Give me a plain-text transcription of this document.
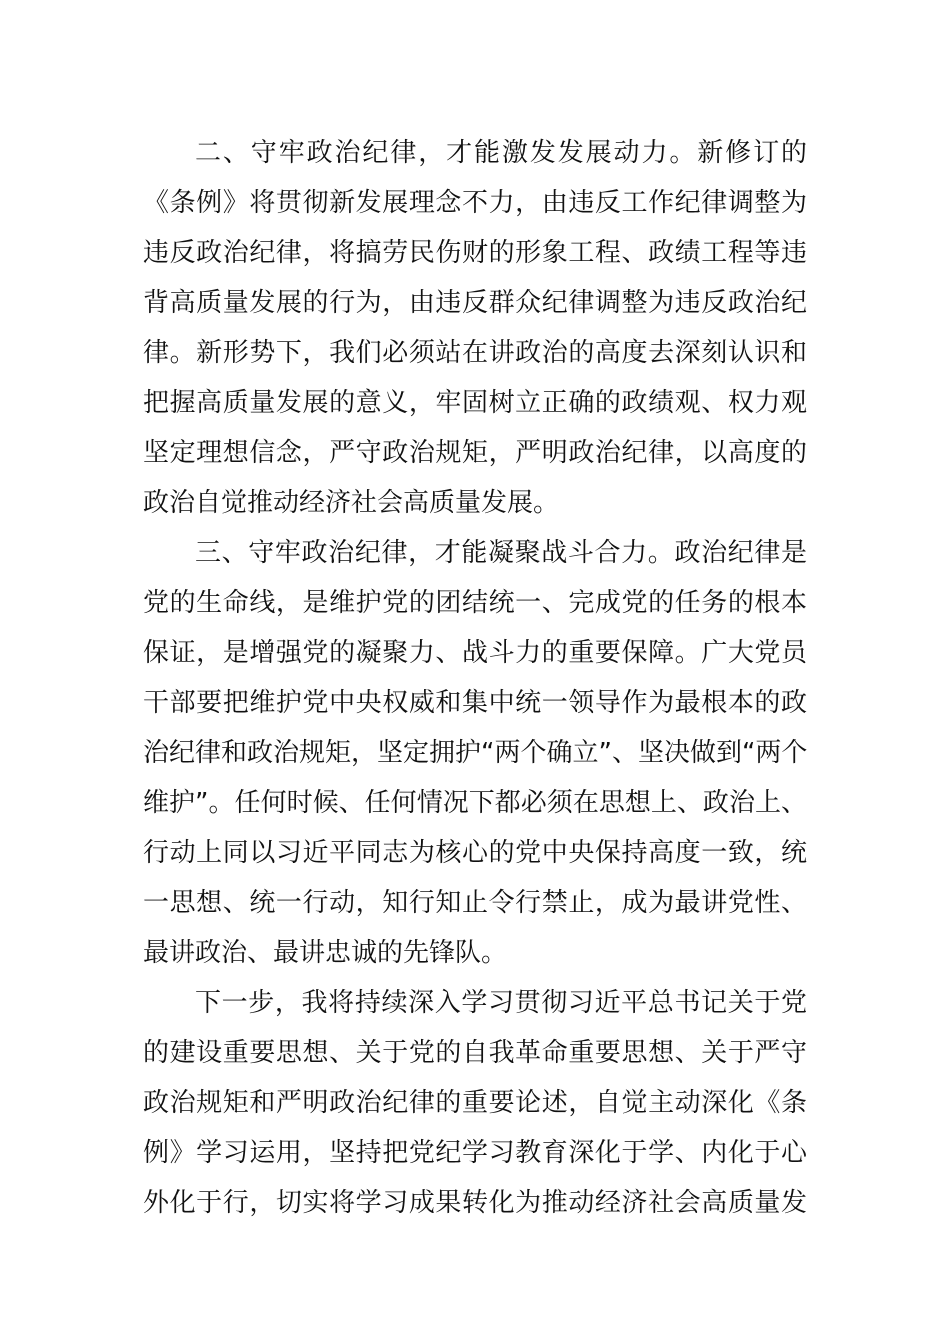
二、守牢政治纪律，才能激发发展动力。新修订的
《条例》将贯彻新发展理念不力，由违反工作纪律调整为
违反政治纪律，将搞劳民伤财的形象工程、政绩工程等违
背高质量发展的行为，由违反群众纪律调整为违反政治纪
律。新形势下，我们必须站在讲政治的高度去深刻认识和
把握高质量发展的意义，牢固树立正确的政绩观、权力观
坚定理想信念，严守政治规矩，严明政治纪律，以高度的
政治自觉推动经济社会高质量发展。
三、守牢政治纪律，才能凝聚战斗合力。政治纪律是
党的生命线，是维护党的团结统一、完成党的任务的根本
保证，是增强党的凝聚力、战斗力的重要保障。广大党员
干部要把维护党中央权威和集中统一领导作为最根本的政
治纪律和政治规矩，坚定拥护“两个确立”、坚决做到“两个
维护”。任何时候、任何情况下都必须在思想上、政治上、
行动上同以习近平同志为核心的党中央保持高度一致，统
一思想、统一行动，知行知止令行禁止，成为最讲党性、
最讲政治、最讲忠诚的先锋队。
下一步，我将持续深入学习贯彻习近平总书记关于党
的建设重要思想、关于党的自我革命重要思想、关于严守
政治规矩和严明政治纪律的重要论述，自觉主动深化《条
例》学习运用，坚持把党纪学习教育深化于学、内化于心
外化于行，切实将学习成果转化为推动经济社会高质量发
